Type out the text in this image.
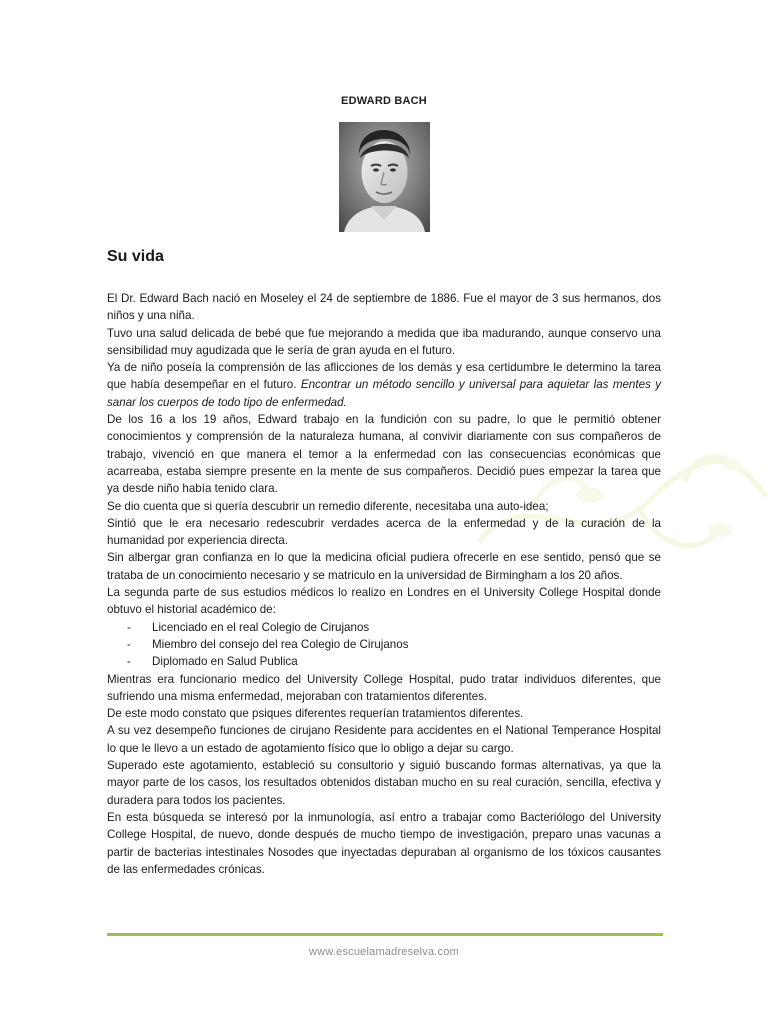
EDWARD BACH
Su vida

El Dr. Edward Bach nació en Moseley el 24 de septiembre de 1886. Fue el mayor de 3 sus hermanos, dos niños y una niña.

Tuvo una salud delicada de bebé que fue mejorando a medida que iba madurando, aunque conservo una sensibilidad muy agudizada que le sería de gran ayuda en el futuro.

Ya de niño poseía la comprensión de las aflicciones de los demás y esa certidumbre le determino la tarea que había desempeñar en el futuro. Encontrar un método sencillo y universal para aquietar las mentes y sanar los cuerpos de todo tipo de enfermedad.

De los 16 a los 19 años, Edward trabajo en la fundición con su padre, lo que le permitió obtener conocimientos y comprensión de la naturaleza humana, al convivir diariamente con sus compañeros de trabajo, vivenció en que manera el temor a la enfermedad con las consecuencias económicas que acarreaba, estaba siempre presente en la mente de sus compañeros. Decidió pues empezar la tarea que ya desde niño había tenido clara.

Se dio cuenta que si quería descubrir un remedio diferente, necesitaba una auto-idea;

Sintió que le era necesario redescubrir verdades acerca de la enfermedad y de la curación de la humanidad por experiencia directa.

Sin albergar gran confianza en lo que la medicina oficial pudiera ofrecerle en ese sentido, pensó que se trataba de un conocimiento necesario y se matriculo en la universidad de Birmingham a los 20 años.

La segunda parte de sus estudios médicos lo realizo en Londres en el University College Hospital donde obtuvo el historial académico de:

- Licenciado en el real Colegio de Cirujanos
- Miembro del consejo del rea Colegio de Cirujanos
- Diplomado en Salud Publica

Mientras era funcionario medico del University College Hospital, pudo tratar individuos diferentes, que sufriendo una misma enfermedad, mejoraban con tratamientos diferentes.

De este modo constato que psiques diferentes requerían tratamientos diferentes.

A su vez desempeño funciones de cirujano Residente para accidentes en el National Temperance Hospital lo que le llevo a un estado de agotamiento físico que lo obligo a dejar su cargo.

Superado este agotamiento, estableció su consultorio y siguió buscando formas alternativas, ya que la mayor parte de los casos, los resultados obtenidos distaban mucho en su real curación, sencilla, efectiva y duradera para todos los pacientes.

En esta búsqueda se interesó por la inmunología, así entro a trabajar como Bacteriólogo del University College Hospital, de nuevo, donde después de mucho tiempo de investigación, preparo unas vacunas a partir de bacterias intestinales Nosodes que inyectadas depuraban al organismo de los tóxicos causantes de las enfermedades crónicas.

www.escuelamadreselva.com
